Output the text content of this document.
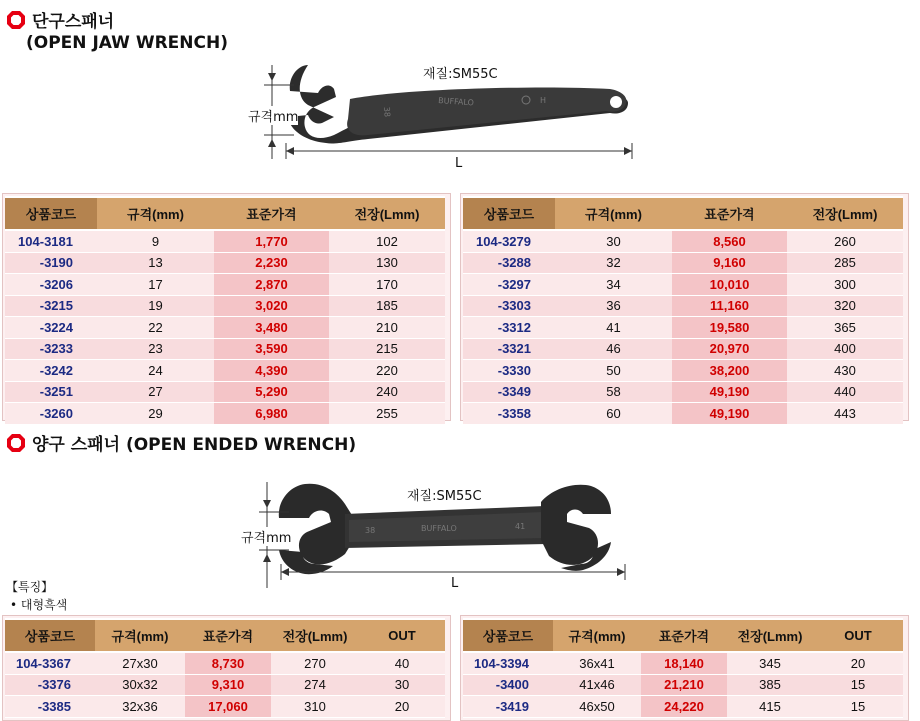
단구스패너
(OPEN JAW WRENCH)
38
BUFFALO	H
재질:SM55C
규격mm
L
상품코드	규격(mm)	표준가격	전장(Lmm)
104-3181	9	1,770	102
-3190	13	2,230	130
-3206	17	2,870	170
-3215	19	3,020	185
-3224	22	3,480	210
-3233	23	3,590	215
-3242	24	4,390	220
-3251	27	5,290	240
-3260	29	6,980	255
상품코드	규격(mm)	표준가격	전장(Lmm)
104-3279	30	8,560	260
-3288	32	9,160	285
-3297	34	10,010	300
-3303	36	11,160	320
-3312	41	19,580	365
-3321	46	20,970	400
-3330	50	38,200	430
-3349	58	49,190	440
-3358	60	49,190	443
양구 스패너 (OPEN ENDED WRENCH)
38	BUFFALO	41
재질:SM55C
규격mm
L
【특징】
• 대형흑색
상품코드	규격(mm)	표준가격	전장(Lmm)	OUT
104-3367	27x30	8,730	270	40
-3376	30x32	9,310	274	30
-3385	32x36	17,060	310	20
상품코드	규격(mm)	표준가격	전장(Lmm)	OUT
104-3394	36x41	18,140	345	20
-3400	41x46	21,210	385	15
-3419	46x50	24,220	415	15
